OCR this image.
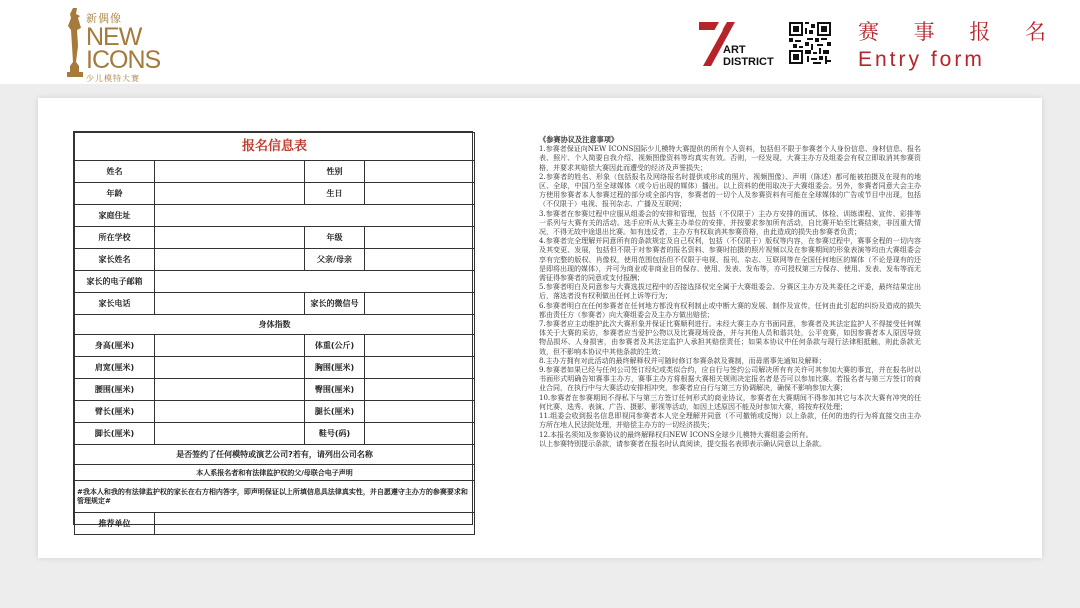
新偶像
NEW
ICONS
少儿模特大赛
ART
DISTRICT
赛 事 报 名
Entry form
报名信息表			
姓名		性别	
年龄		生日	
家庭住址			
所在学校		年级	
家长姓名		父亲/母亲	
家长的电子邮箱			
家长电话		家长的微信号	
身体指数			
身高(厘米)		体重(公斤)	
肩宽(厘米)		胸围(厘米)	
腰围(厘米)		臀围(厘米)	
臂长(厘米)		腿长(厘米)	
脚长(厘米)		鞋号(码)	
是否签约了任何模特或演艺公司?若有，请列出公司名称			
本人系报名者和有法律监护权的父/母联合电子声明			
#我本人和我的有法律监护权的家长在右方相内答字，即声明保证以上所填信息具法律真实性，并自愿遵守主办方的参赛要求和管理规定#			
推荐单位			
《参赛协议及注意事项》

1.参赛者保证向NEW ICONS国际少儿模特大赛提供的所有个人资料，包括但不限于参赛者个人身份信息、身材信息、报名表、照片、个人简要自我介绍、视频图像资料等均真实有效。否则，一经发现，大赛主办方及组委会有权立即取消其参赛资格，并要求其赔偿大赛因此而遭受的经济及声誉损失；

2.参赛者的姓名、形象（包括报名及网络报名时提供或形成的照片、视频图像）、声明（陈述）都可能被拍摄及在现有的地区、全球，中国乃至全球媒体（或今后出现的媒体）播出。以上资料的使用取决于大赛组委会。另外，参赛者同意大会主办方使用参赛者本人参赛过程的部分或全部内容，参赛者的一切个人及参赛资料有可能在全球媒体的广告或节目中出现，包括（不仅限于）电视、报刊杂志、广播及互联网；

3.参赛者在参赛过程中应服从组委会的安排和管理，包括（不仅限于）主办方安排的面试、体检、训练课程、宣传、彩排等一系列与大赛有关的活动。选手应听从大赛主办单位的安排，并按要求参加所有活动，自比赛开始至比赛结束，非因重大情况，不得无故中途退出比赛。如有违反者，主办方有权取消其参赛资格，由此造成的损失由参赛者负责；

4.参赛者完全理解并同意所有的条款规定及自己权利，包括（不仅限于）版权等内容，在参赛过程中，赛事全程的一切内容及其变更、发展，包括但不限于对参赛者的报名资料、参赛时拍摄的照片视频以及在参赛期间的形象表演等均由大赛组委会享有完整的版权、肖像权，使用范围包括但不仅限于电视、报刊、杂志、互联网等在全国任何地区的媒体（不论是现有的还是即将出现的媒体），并可为商业或非商业目的保存、使用、发表、发布等，亦可授权第三方保存、使用、发表、发布等而无需征得参赛者的同意或支付报酬；

5.参赛者明白及同意参与大赛选拔过程中的否接选择权完全属于大赛组委会、分赛区主办方及其委任之评委，最终结果定出后，落选者没有权利做出任何上诉等行为；

6.参赛者明白在任何参赛者在任何地方都没有权利制止或中断大赛的发展、制作及宣传，任何由此引起的纠纷及造成的损失都由责任方（参赛者）向大赛组委会及主办方做出赔偿；

7.参赛者应主动维护此次大赛形象并保证比赛顺利进行。未经大赛主办方书面同意，参赛者及其法定监护人不得接受任何媒体关于大赛的采访，参赛者应当爱护公物以及比赛现场设备，并与其他人员和谐共处，公平竞赛，如因参赛者本人原因导致物品损坏、人身损害，由参赛者及其法定监护人承担其赔偿责任；如果本协议中任何条款与现行法律相抵触，则此条款无效，但不影响本协议中其他条款的生效；

8.主办方拥有对此活动的最终解释权并可随时修订参赛条款及赛制，而毋需事先通知及解释；

9.参赛者如果已经与任何公司签订经纪或类似合约，应自行与签约公司解决所有有关许可其参加大赛的事宜，并在报名时以书面形式明确告知赛事主办方，赛事主办方将根据大赛相关规则决定报名者是否可以参加比赛。若报名者与第三方签订的商业合同，在执行中与大赛活动安排相冲突，参赛者应自行与第三方协调解决，确保不影响参加大赛；

10.参赛者在参赛期间不得私下与第三方签订任何形式的商业协议，参赛者在大赛期间不得参加其它与本次大赛有冲突的任何比赛、选秀、表演、广告、摄影、影视等活动，如因上述原因不能及时参加大赛，将按弃权处理；

11.组委会收到报名信息即视同参赛者本人完全理解并同意（不可撤销或反悔）以上条款，任何的违约行为将直接交由主办方所在地人民法院处理，并赔偿主办方的一切经济损失；

12.本报名须知及参赛协议的最终解释权归NEW ICONS全球少儿模特大赛组委会所有。

以上参赛特别提示条款，请参赛者在报名时认真阅读，提交报名表即表示确认同意以上条款。
